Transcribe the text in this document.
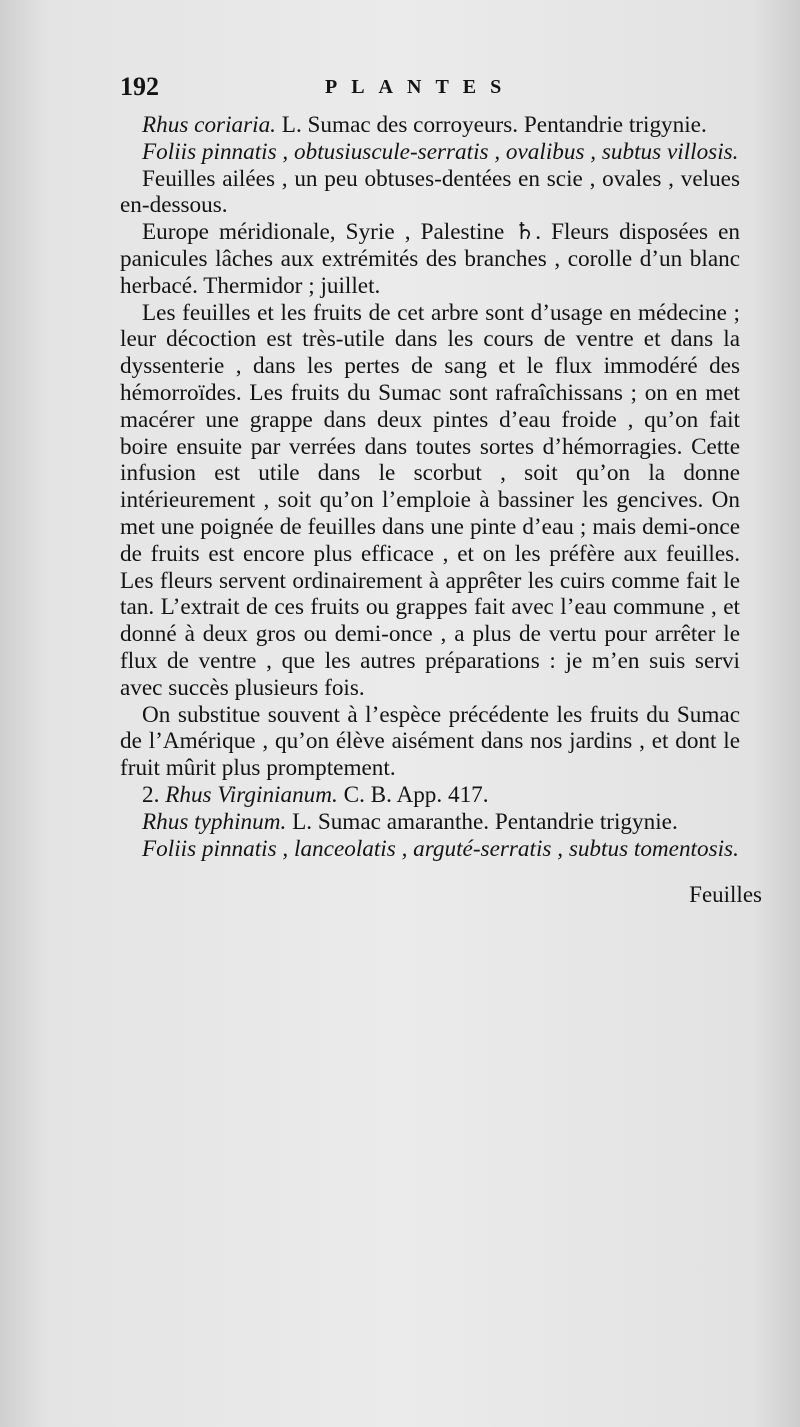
192	PLANTES

Rhus coriaria. L. Sumac des corroyeurs. Pentandrie trigynie.

Foliis pinnatis , obtusiuscule-serratis , ovalibus , subtus villosis.

Feuilles ailées , un peu obtuses-dentées en scie , ovales , velues en-dessous.

Europe méridionale, Syrie , Palestine ♄. Fleurs disposées en panicules lâches aux extrémités des branches , corolle d’un blanc herbacé. Thermidor ; juillet.

Les feuilles et les fruits de cet arbre sont d’usage en médecine ; leur décoction est très-utile dans les cours de ventre et dans la dyssenterie , dans les pertes de sang et le flux immodéré des hémorroïdes. Les fruits du Sumac sont rafraîchissans ; on en met macérer une grappe dans deux pintes d’eau froide , qu’on fait boire ensuite par verrées dans toutes sortes d’hémorragies. Cette infusion est utile dans le scorbut , soit qu’on la donne intérieurement , soit qu’on l’emploie à bassiner les gencives. On met une poignée de feuilles dans une pinte d’eau ; mais demi-once de fruits est encore plus efficace , et on les préfère aux feuilles. Les fleurs servent ordinairement à apprêter les cuirs comme fait le tan. L’extrait de ces fruits ou grappes fait avec l’eau commune , et donné à deux gros ou demi-once , a plus de vertu pour arrêter le flux de ventre , que les autres préparations : je m’en suis servi avec succès plusieurs fois.

On substitue souvent à l’espèce précédente les fruits du Sumac de l’Amérique , qu’on élève aisément dans nos jardins , et dont le fruit mûrit plus promptement.

2. Rhus Virginianum. C. B. App. 417.

Rhus typhinum. L. Sumac amaranthe. Pentandrie trigynie.

Foliis pinnatis , lanceolatis , arguté-serratis , subtus tomentosis.

Feuilles
